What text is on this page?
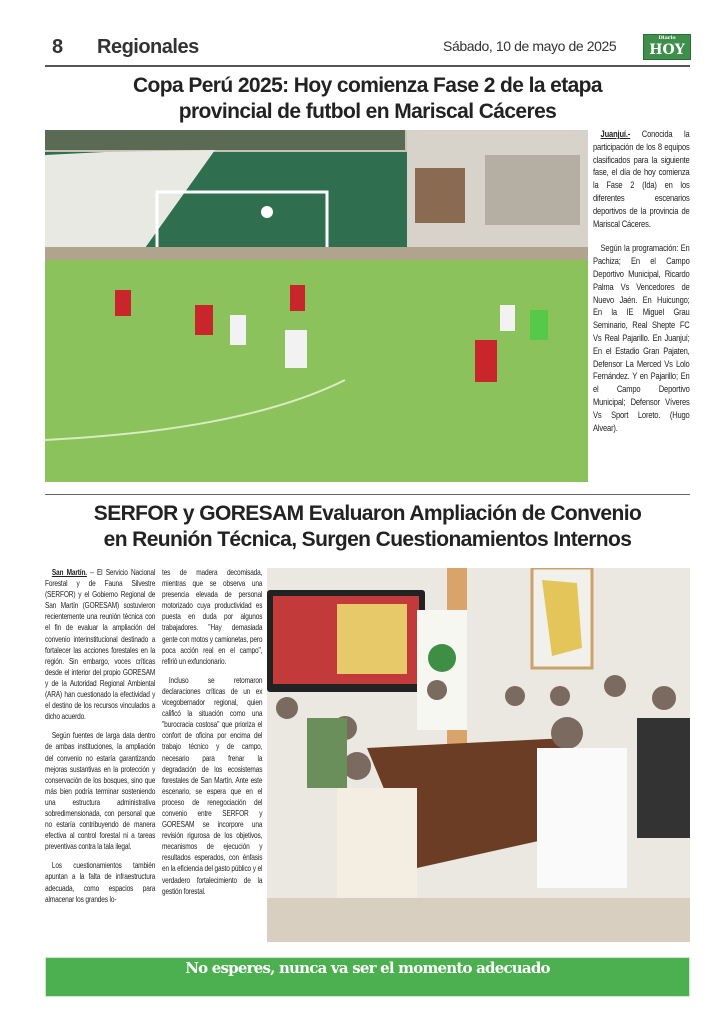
8 Regionales	Sábado, 10 de mayo de 2025	Diario
HOY
Copa Perú 2025: Hoy comienza Fase 2 de la etapa
provincial de futbol en Mariscal Cáceres

Juanjuí.- Conocida la participación de los 8 equipos clasificados para la siguiente fase, el día de hoy comienza la Fase 2 (Ida) en los diferentes escenarios deportivos de la provincia de Mariscal Cáceres.

Según la programación: En Pachiza; En el Campo Deportivo Municipal, Ricardo Palma Vs Vencedores de Nuevo Jaén. En Huicungo; En la IE Miguel Grau Seminario, Real Shepte FC Vs Real Pajarillo. En Juanjuí; En el Estadio Gran Pajaten, Defensor La Merced Vs Lolo Fernández. Y en Pajarillo; En el Campo Deportivo Municipal; Defensor Víveres Vs Sport Loreto. (Hugo Alvear).

SERFOR y GORESAM Evaluaron Ampliación de Convenio
en Reunión Técnica, Surgen Cuestionamientos Internos

San Martín. – El Servicio Nacional Forestal y de Fauna Silvestre (SERFOR) y el Gobierno Regional de San Martín (GORESAM) sostuvieron recientemente una reunión técnica con el fin de evaluar la ampliación del convenio interinstitucional destinado a fortalecer las acciones forestales en la región. Sin embargo, voces críticas desde el interior del propio GORESAM y de la Autoridad Regional Ambiental (ARA) han cuestionado la efectividad y el destino de los recursos vinculados a dicho acuerdo.

Según fuentes de larga data dentro de ambas instituciones, la ampliación del convenio no estaría garantizando mejoras sustantivas en la protección y conservación de los bosques, sino que más bien podría terminar sosteniendo una estructura administrativa sobredimensionada, con personal que no estaría contribuyendo de manera efectiva al control forestal ni a tareas preventivas contra la tala ilegal.

Los cuestionamientos también apuntan a la falta de infraestructura adecuada, como espacios para almacenar los grandes lo-

tes de madera decomisada, mientras que se observa una presencia elevada de personal motorizado cuya productividad es puesta en duda por algunos trabajadores. "Hay demasiada gente con motos y camionetas, pero poca acción real en el campo", refirió un exfuncionario.

Incluso se retomaron declaraciones críticas de un ex vicegobernador regional, quien calificó la situación como una "burocracia costosa" que prioriza el confort de oficina por encima del trabajo técnico y de campo, necesario para frenar la degradación de los ecosistemas forestales de San Martín. Ante este escenario, se espera que en el proceso de renegociación del convenio entre SERFOR y GORESAM se incorpore una revisión rigurosa de los objetivos, mecanismos de ejecución y resultados esperados, con énfasis en la eficiencia del gasto público y el verdadero fortalecimiento de la gestión forestal.

No esperes, nunca va ser el momento adecuado
